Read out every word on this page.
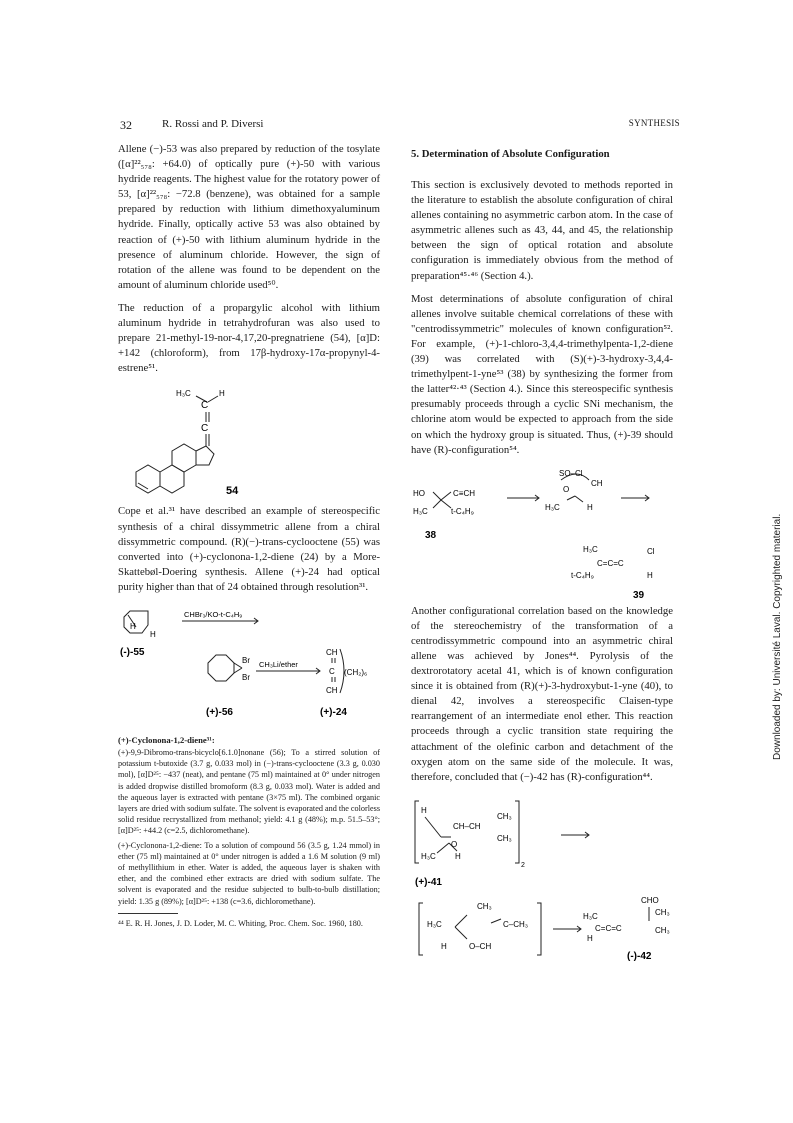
32	R. Rossi and P. Diversi	SYNTHESIS

Allene (−)-53 was also prepared by reduction of the tosylate ([α]²²₅₇₈: +64.0) of optically pure (+)-50 with various hydride reagents. The highest value for the rotatory power of 53, [α]²²₅₇₈: −72.8 (benzene), was obtained for a sample prepared by reduction with lithium dimethoxyaluminum hydride. Finally, optically active 53 was also obtained by reaction of (+)-50 with lithium aluminum hydride in the presence of aluminum chloride. However, the sign of rotation of the allene was found to be dependent on the amount of aluminum chloride used⁵⁰.

The reduction of a propargylic alcohol with lithium aluminum hydride in tetrahydrofuran was also used to prepare 21-methyl-19-nor-4,17,20-pregnatriene (54), [α]D: +142 (chloroform), from 17β-hydroxy-17α-propynyl-4-estrene⁵¹.

C
C
H₃C	H
54

Cope et al.³¹ have described an example of stereospecific synthesis of a chiral dissymmetric allene from a chiral dissymmetric compound. (R)(−)-trans-cyclooctene (55) was converted into (+)-cyclonona-1,2-diene (24) by a More-Skattebøl-Doering synthesis. Allene (+)-24 had optical purity higher than that of 24 obtained through resolution³¹.

H
H
CHBr₃/KO-t-C₄H₉
(-)-55
Br
Br
CH₃Li/ether
CH
C
CH
(CH₂)₆
(+)-56	(+)-24
(+)-Cyclonona-1,2-diene³¹:

(+)-9,9-Dibromo-trans-bicyclo[6.1.0]nonane (56); To a stirred solution of potassium t-butoxide (3.7 g, 0.033 mol) in (−)-trans-cyclooctene (3.3 g, 0.030 mol), [α]D²⁵: −437 (neat), and pentane (75 ml) maintained at 0° under nitrogen is added dropwise distilled bromoform (8.3 g, 0.033 mol). Water is added and the aqueous layer is extracted with pentane (3×75 ml). The combined organic layers are dried with sodium sulfate. The solvent is evaporated and the colorless solid residue recrystallized from methanol; yield: 4.1 g (48%); m.p. 51.5–53°; [α]D²⁵: +44.2 (c=2.5, dichloromethane).

(+)-Cyclonona-1,2-diene: To a solution of compound 56 (3.5 g, 1.24 mmol) in ether (75 ml) maintained at 0° under nitrogen is added a 1.6 M solution (9 ml) of methyllithium in ether. Water is added, the aqueous layer is shaken with ether, and the combined ether extracts are dried with sodium sulfate. The solvent is evaporated and the residue subjected to bulb-to-bulb distillation; yield: 1.35 g (89%); [α]D²⁵: +138 (c=3.6, dichloromethane).

⁴⁴ E. R. H. Jones, J. D. Loder, M. C. Whiting, Proc. Chem. Soc. 1960, 180.
5. Determination of Absolute Configuration

This section is exclusively devoted to methods reported in the literature to establish the absolute configuration of chiral allenes containing no asymmetric carbon atom. In the case of asymmetric allenes such as 43, 44, and 45, the relationship between the sign of optical rotation and absolute configuration is immediately obvious from the method of preparation⁴⁵·⁴⁶ (Section 4.).

Most determinations of absolute configuration of chiral allenes involve suitable chemical correlations of these with "centrodissymmetric" molecules of known configuration⁵². For example, (+)-1-chloro-3,4,4-trimethylpenta-1,2-diene (39) was correlated with (S)(+)-3-hydroxy-3,4,4-trimethylpent-1-yne⁵³ (38) by synthesizing the former from the latter⁴²·⁴³ (Section 4.). Since this stereospecific synthesis presumably proceeds through a cyclic SNi mechanism, the chlorine atom would be expected to approach from the side on which the hydroxy group is situated. Thus, (+)-39 should have (R)-configuration⁵⁴.

HO	C≡CH
H₃C	t-C₄H₉
SO–Cl
CH
O
H₃C	H
38
H₃C
C=C=C
Cl
t-C₄H₉	H
39

Another configurational correlation based on the knowledge of the stereochemistry of the transformation of a centrodissymmetric compound into an asymmetric chiral allene was achieved by Jones⁴⁴. Pyrolysis of the dextrorotatory acetal 41, which is of known configuration since it is obtained from (R)(+)-3-hydroxybut-1-yne (40), to dienal 42, involves a stereospecific Claisen-type rearrangement of an intermediate enol ether. This reaction proceeds through a cyclic transition state requiring the attachment of the olefinic carbon and detachment of the oxygen atom on the same side of the molecule. It was, therefore, concluded that (−)-42 has (R)-configuration⁴⁴.

H
CH–CH
CH₃
CH₃
O
H₃C H
2
(+)-41
CH₃
H₃C	C–CH₃
H	O–CH
CHO
CH₃
H₃C
C=C=C	CH₃
H
(-)-42
Downloaded by: Université Laval. Copyrighted material.
